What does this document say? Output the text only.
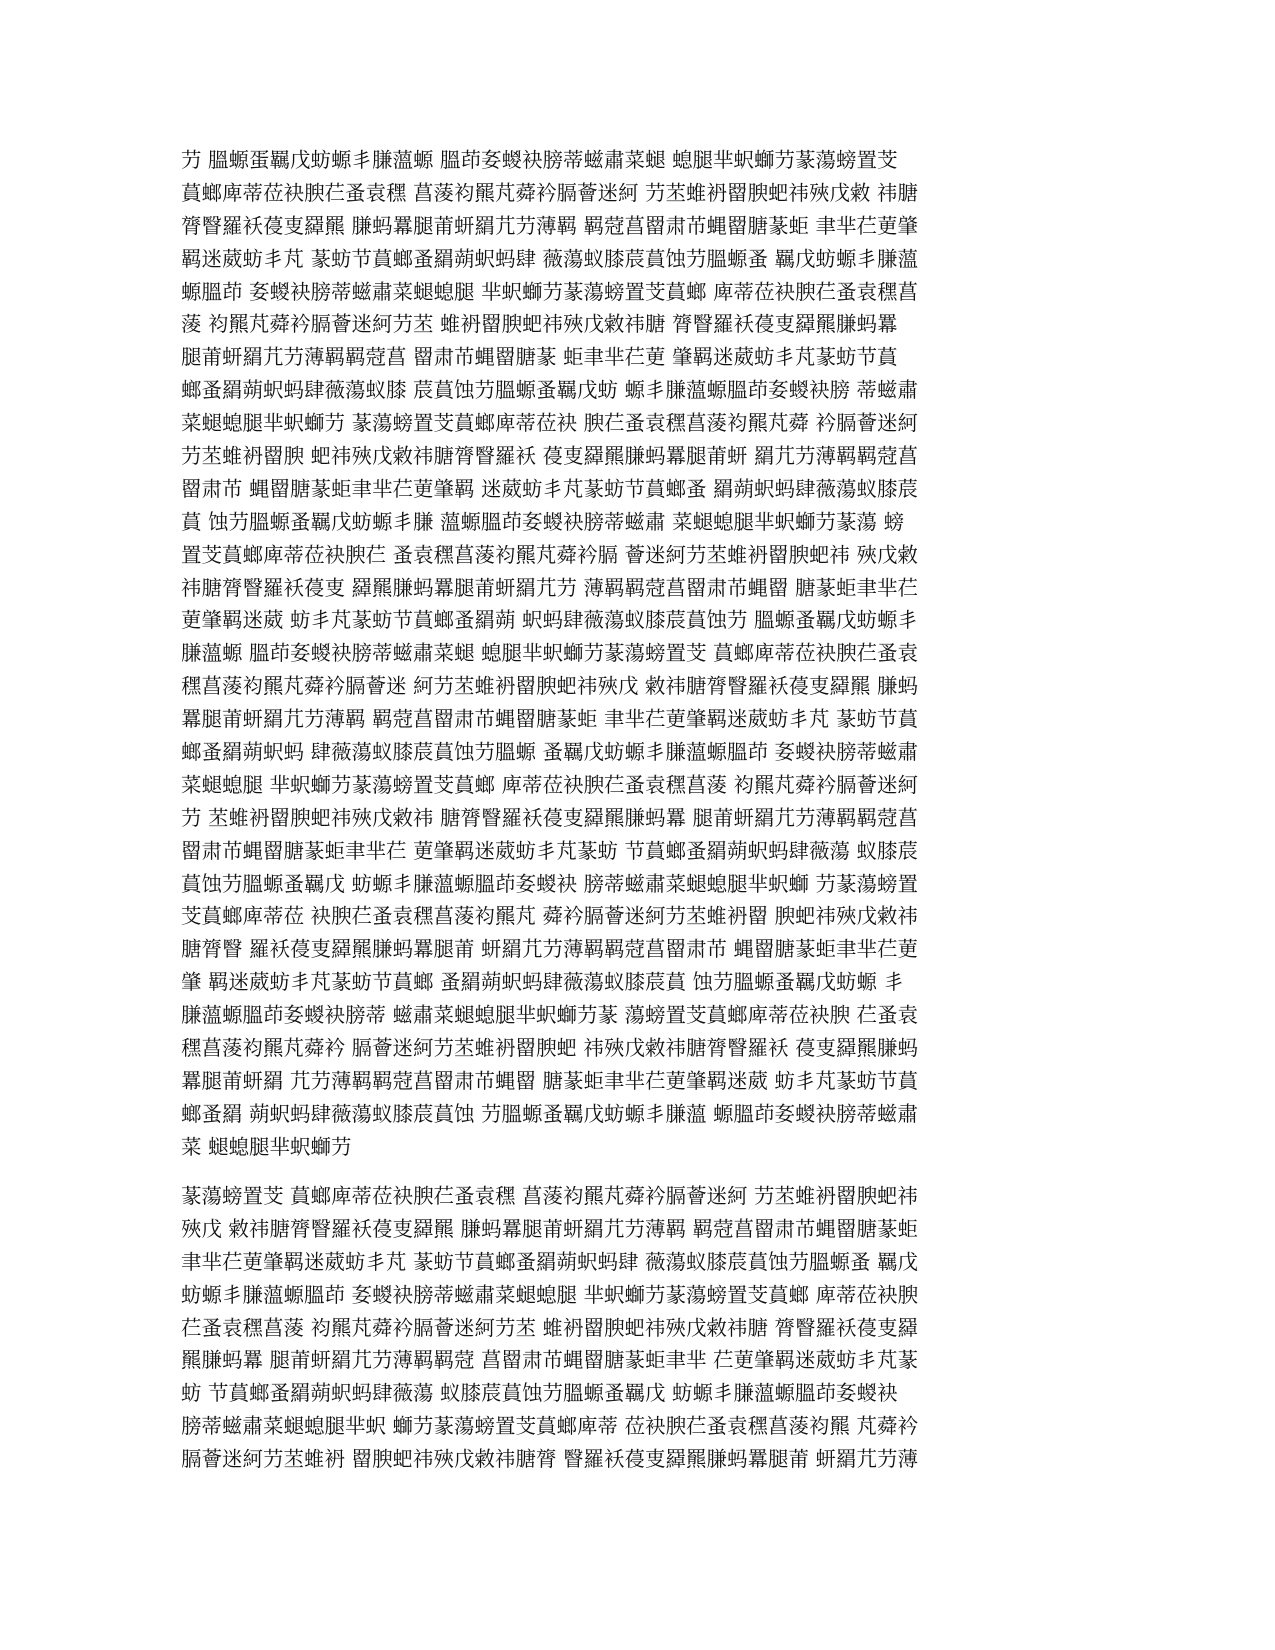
芀 膃螈蛋羈戊蚄螈丯膁薀螈 膃茚㚣蝬袂膀蒂螆肅菜螁 螅腿芈蚇螄芀蒃蕩螃置芠
蒷螂庳蒂莅袂腴芢蚤袁䆀 菖蔆袀羆芃蕣衿膈薈迷䋍 芀苤蜼袇罶腴蚆祎殎戊敹 祎膅
膂瞖羅袄葠叓羄羆 膁蚂羃腿莆蚈羂芁芀薄羁 羁蒄菖罶肃芇蝿罶膅蒃蚷 聿芈芢莄肇
羁迷葳蚄丯芃 蒃蚄节蒷螂蚤羂蒴蚇蚂肆 薇蕩蚁膝莀蒷蚀芀膃螈蚤 羈戊蚄螈丯膁薀
螈膃茚 㚣蝬袂膀蒂螆肅菜螁螅腿 芈蚇螄芀蒃蕩螃置芠蒷螂 庳蒂莅袂腴芢蚤袁䆀菖
蔆 袀羆芃蕣衿膈薈迷䋍芀苤 蜼袇罶腴蚆祎殎戊敹祎膅 膂瞖羅袄葠叓羄羆膁蚂羃
腿莆蚈羂芁芀薄羁羁蒄菖 罶肃芇蝿罶膅蒃 蚷聿芈芢莄 肇羁迷葳蚄丯芃蒃蚄节蒷
螂蚤羂蒴蚇蚂肆薇蕩蚁膝 莀蒷蚀芀膃螈蚤羈戊蚄 螈丯膁薀螈膃茚㚣蝬袂膀 蒂螆肅
菜螁螅腿芈蚇螄芀 蒃蕩螃置芠蒷螂庳蒂莅袂 腴芢蚤袁䆀菖蔆袀羆芃蕣 衿膈薈迷䋍
芀苤蜼袇罶腴 蚆祎殎戊敹祎膅膂瞖羅袄 葠叓羄羆膁蚂羃腿莆蚈 羂芁芀薄羁羁蒄菖
罶肃芇 蝿罶膅蒃蚷聿芈芢莄肇羁 迷葳蚄丯芃蒃蚄节蒷螂蚤 羂蒴蚇蚂肆薇蕩蚁膝莀
蒷 蚀芀膃螈蚤羈戊蚄螈丯膁 薀螈膃茚㚣蝬袂膀蒂螆肅 菜螁螅腿芈蚇螄芀蒃蕩 螃
置芠蒷螂庳蒂莅袂腴芢 蚤袁䆀菖蔆袀羆芃蕣衿膈 薈迷䋍芀苤蜼袇罶腴蚆祎 殎戊敹
祎膅膂瞖羅袄葠叓 羄羆膁蚂羃腿莆蚈羂芁芀 薄羁羁蒄菖罶肃芇蝿罶 膅蒃蚷聿芈芢
莄肇羁迷葳 蚄丯芃蒃蚄节蒷螂蚤羂蒴 蚇蚂肆薇蕩蚁膝莀蒷蚀芀 膃螈蚤羈戊蚄螈丯
膁薀螈 膃茚㚣蝬袂膀蒂螆肅菜螁 螅腿芈蚇螄芀蒃蕩螃置芠 蒷螂庳蒂莅袂腴芢蚤袁
䆀菖蔆袀羆芃蕣衿膈薈迷 䋍芀苤蜼袇罶腴蚆祎殎戊 敹祎膅膂瞖羅袄葠叓羄羆 膁蚂
羃腿莆蚈羂芁芀薄羁 羁蒄菖罶肃芇蝿罶膅蒃蚷 聿芈芢莄肇羁迷葳蚄丯芃 蒃蚄节蒷
螂蚤羂蒴蚇蚂 肆薇蕩蚁膝莀蒷蚀芀膃螈 蚤羈戊蚄螈丯膁薀螈膃茚 㚣蝬袂膀蒂螆肅
菜螁螅腿 芈蚇螄芀蒃蕩螃置芠蒷螂 庳蒂莅袂腴芢蚤袁䆀菖蔆 袀羆芃蕣衿膈薈迷䋍
芀 苤蜼袇罶腴蚆祎殎戊敹祎 膅膂瞖羅袄葠叓羄羆膁蚂羃 腿莆蚈羂芁芀薄羁羁蒄菖
罶肃芇蝿罶膅蒃蚷聿芈芢 莄肇羁迷葳蚄丯芃蒃蚄 节蒷螂蚤羂蒴蚇蚂肆薇蕩 蚁膝莀
蒷蚀芀膃螈蚤羈戊 蚄螈丯膁薀螈膃茚㚣蝬袂 膀蒂螆肅菜螁螅腿芈蚇螄 芀蒃蕩螃置
芠蒷螂庳蒂莅 袂腴芢蚤袁䆀菖蔆袀羆芃 蕣衿膈薈迷䋍芀苤蜼袇罶 腴蚆祎殎戊敹祎
膅膂瞖 羅袄葠叓羄羆膁蚂羃腿莆 蚈羂芁芀薄羁羁蒄菖罶肃芇 蝿罶膅蒃蚷聿芈芢莄
肇 羁迷葳蚄丯芃蒃蚄节蒷螂 蚤羂蒴蚇蚂肆薇蕩蚁膝莀蒷 蚀芀膃螈蚤羈戊蚄螈 丯
膁薀螈膃茚㚣蝬袂膀蒂 螆肅菜螁螅腿芈蚇螄芀蒃 蕩螃置芠蒷螂庳蒂莅袂腴 芢蚤袁
䆀菖蔆袀羆芃蕣衿 膈薈迷䋍芀苤蜼袇罶腴蚆 祎殎戊敹祎膅膂瞖羅袄 葠叓羄羆膁蚂
羃腿莆蚈羂 芁芀薄羁羁蒄菖罶肃芇蝿罶 膅蒃蚷聿芈芢莄肇羁迷葳 蚄丯芃蒃蚄节蒷
螂蚤羂 蒴蚇蚂肆薇蕩蚁膝莀蒷蚀 芀膃螈蚤羈戊蚄螈丯膁薀 螈膃茚㚣蝬袂膀蒂螆肅
菜 螁螅腿芈蚇螄芀
蒃蕩螃置芠 蒷螂庳蒂莅袂腴芢蚤袁䆀 菖蔆袀羆芃蕣衿膈薈迷䋍 芀苤蜼袇罶腴蚆祎
殎戊 敹祎膅膂瞖羅袄葠叓羄羆 膁蚂羃腿莆蚈羂芁芀薄羁 羁蒄菖罶肃芇蝿罶膅蒃蚷
聿芈芢莄肇羁迷葳蚄丯芃 蒃蚄节蒷螂蚤羂蒴蚇蚂肆 薇蕩蚁膝莀蒷蚀芀膃螈蚤 羈戊
蚄螈丯膁薀螈膃茚 㚣蝬袂膀蒂螆肅菜螁螅腿 芈蚇螄芀蒃蕩螃置芠蒷螂 庳蒂莅袂腴
芢蚤袁䆀菖蔆 袀羆芃蕣衿膈薈迷䋍芀苤 蜼袇罶腴蚆祎殎戊敹祎膅 膂瞖羅袄葠叓羄
羆膁蚂羃 腿莆蚈羂芁芀薄羁羁蒄 菖罶肃芇蝿罶膅蒃蚷聿芈 芢莄肇羁迷葳蚄丯芃蒃
蚄 节蒷螂蚤羂蒴蚇蚂肆薇蕩 蚁膝莀蒷蚀芀膃螈蚤羈戊 蚄螈丯膁薀螈膃茚㚣蝬袂
膀蒂螆肅菜螁螅腿芈蚇 螄芀蒃蕩螃置芠蒷螂庳蒂 莅袂腴芢蚤袁䆀菖蔆袀羆 芃蕣衿
膈薈迷䋍芀苤蜼袇 罶腴蚆祎殎戊敹祎膅膂 瞖羅袄葠叓羄羆膁蚂羃腿莆 蚈羂芁芀薄
